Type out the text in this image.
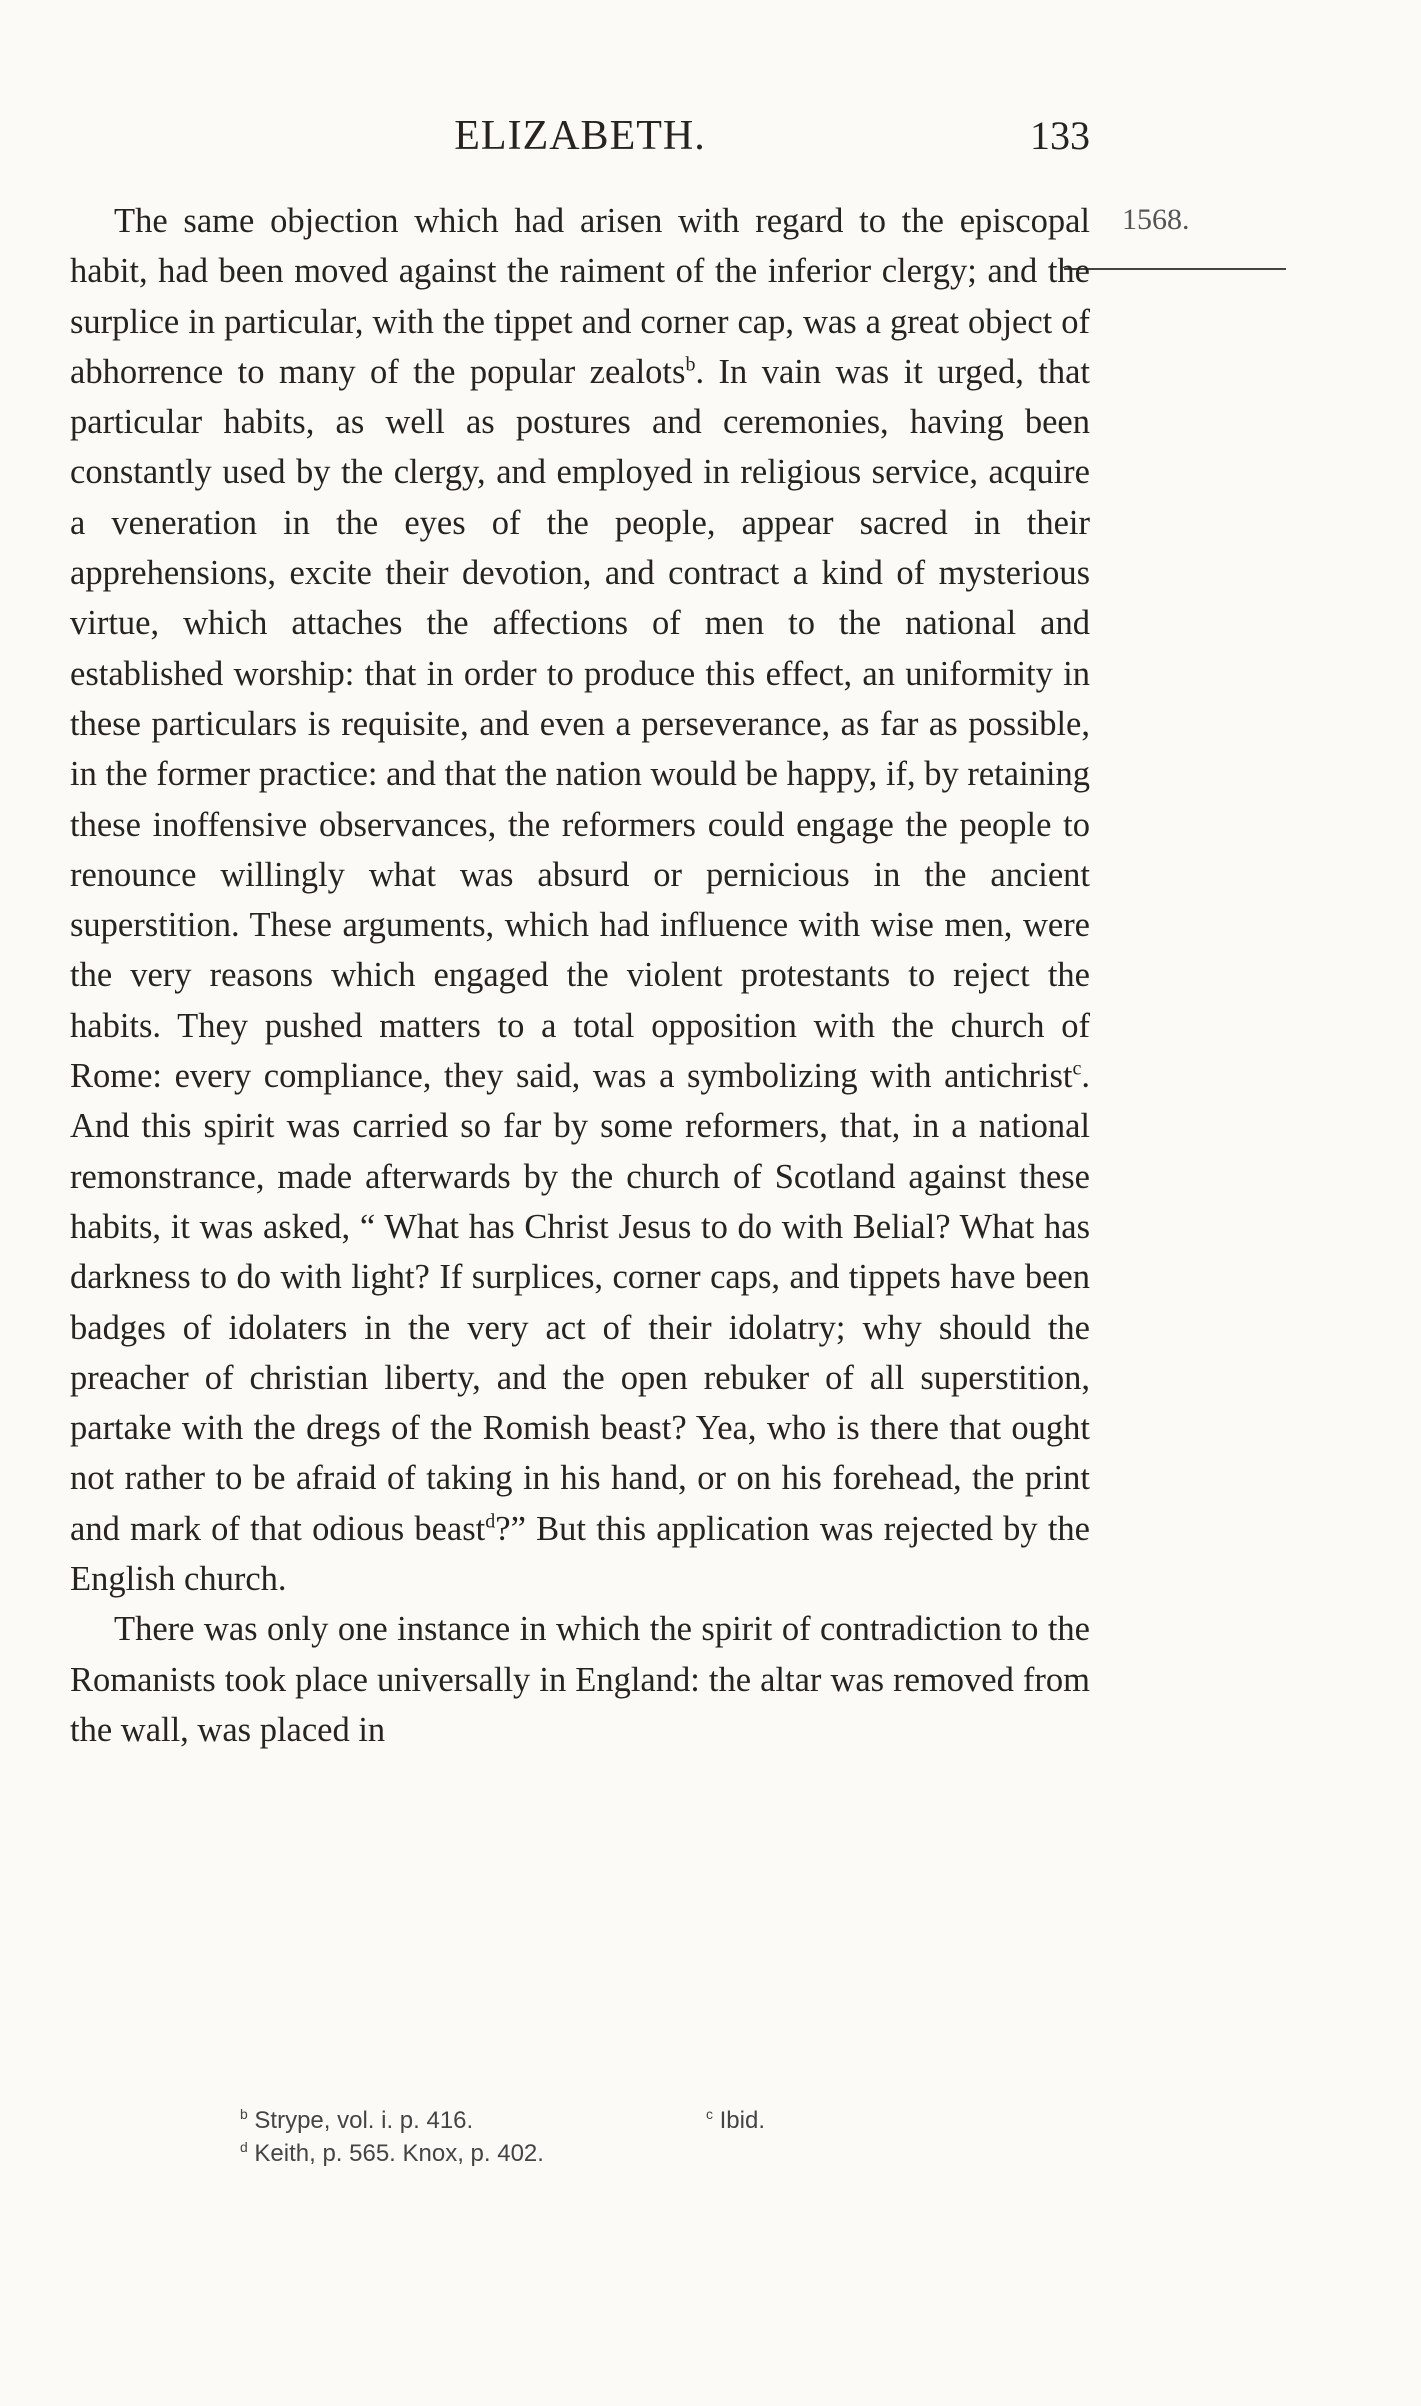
ELIZABETH.	133
1568.

The same objection which had arisen with regard to the episcopal habit, had been moved against the raiment of the inferior clergy; and the surplice in particular, with the tippet and corner cap, was a great object of abhorrence to many of the popular zealots$^b$. In vain was it urged, that particular habits, as well as postures and ceremonies, having been constantly used by the clergy, and employed in religious service, acquire a veneration in the eyes of the people, appear sacred in their apprehensions, excite their devotion, and contract a kind of mysterious virtue, which attaches the affections of men to the national and established worship: that in order to produce this effect, an uniformity in these particulars is requisite, and even a perseverance, as far as possible, in the former practice: and that the nation would be happy, if, by retaining these inoffensive observances, the reformers could engage the people to renounce willingly what was absurd or pernicious in the ancient superstition. These arguments, which had influence with wise men, were the very reasons which engaged the violent protestants to reject the habits. They pushed matters to a total opposition with the church of Rome: every compliance, they said, was a symbolizing with antichrist$^c$. And this spirit was carried so far by some reformers, that, in a national remonstrance, made afterwards by the church of Scotland against these habits, it was asked, “ What has Christ Jesus to do with Belial? What has darkness to do with light? If surplices, corner caps, and tippets have been badges of idolaters in the very act of their idolatry; why should the preacher of christian liberty, and the open rebuker of all superstition, partake with the dregs of the Romish beast? Yea, who is there that ought not rather to be afraid of taking in his hand, or on his forehead, the print and mark of that odious beast$^d$?” But this application was rejected by the English church.

There was only one instance in which the spirit of contradiction to the Romanists took place universally in England: the altar was removed from the wall, was placed in

$^b$ Strype, vol. i. p. 416.	$^c$ Ibid.
$^d$ Keith, p. 565. Knox, p. 402.
